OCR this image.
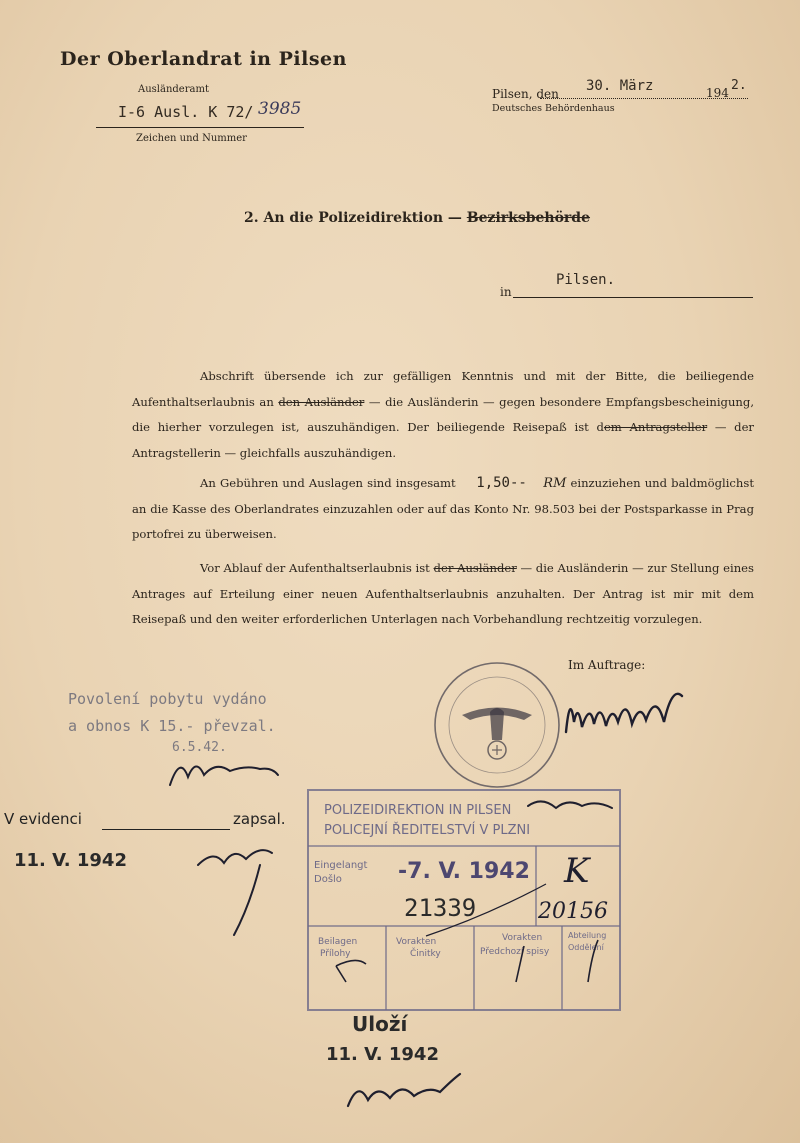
Der Oberlandrat in Pilsen
Ausländeramt
I-6 Ausl. K 72/ 3985
Zeichen und Nummer
Pilsen, den 30. März	194 2.
Deutsches Behördenhaus
2. An die Polizeidirektion — Bezirksbehörde
in
Pilsen.
Abschrift übersende ich zur gefälligen Kenntnis und mit der Bitte, die beiliegende Aufenthaltserlaubnis an den Ausländer — die Ausländerin — gegen besondere Empfangsbescheinigung, die hierher vorzulegen ist, auszuhändigen. Der beiliegende Reisepaß ist dem Antragsteller — der Antragstellerin — gleichfalls auszuhändigen.
An Gebühren und Auslagen sind insgesamt 1,50-- RM einzuziehen und baldmöglichst an die Kasse des Oberlandrates einzuzahlen oder auf das Konto Nr. 98.503 bei der Postsparkasse in Prag portofrei zu überweisen.
Vor Ablauf der Aufenthaltserlaubnis ist der Ausländer — die Ausländerin — zur Stellung eines Antrages auf Erteilung einer neuen Aufenthaltserlaubnis anzuhalten. Der Antrag ist mir mit dem Reisepaß und den weiter erforderlichen Unterlagen nach Vorbehandlung rechtzeitig vorzulegen.
Im Auftrage:
Povolení pobytu vydáno
a obnos K 15.- převzal.
6.5.42.
V evidenci	zapsal.
11. V. 1942
POLIZEIDIREKTION IN PILSEN
POLICEJNÍ ŘEDITELSTVÍ V PLZNI
Eingelangt
Došlo	-7. V. 1942
21339
K
20156
Beilagen
Přílohy
Vorakten
Činitky
Vorakten
Předchozí spisy
Abteilung
Oddělení
Uloží
11. V. 1942
